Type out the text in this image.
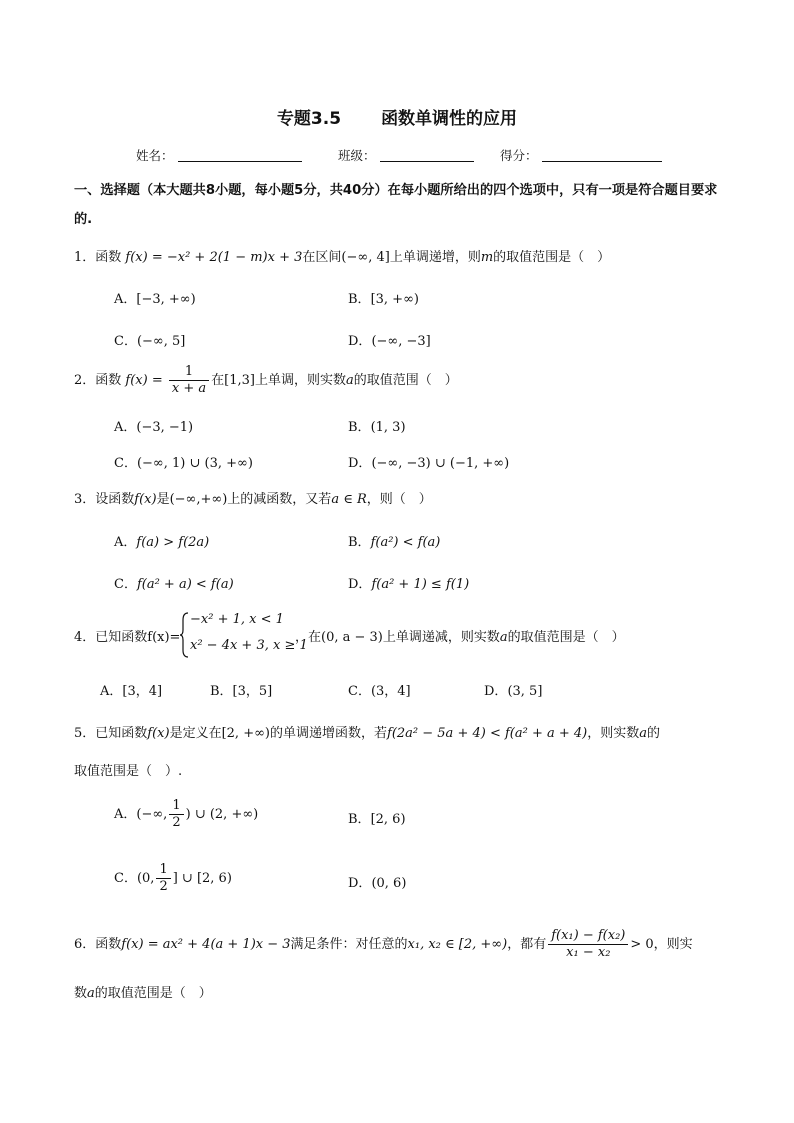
专题3.5 函数单调性的应用
姓名：	班级：	得分：
一、选择题（本大题共8小题，每小题5分，共40分）在每小题所给出的四个选项中，只有一项是符合题目要求的.
1．函数 f(x) = −x² + 2(1 − m)x + 3在区间(−∞, 4]上单调递增，则m的取值范围是（　）
A．[−3, +∞)	B．[3, +∞)
C．(−∞, 5]	D．(−∞, −3]
2．函数 $f(x) = \frac{1}{x + a}$ 在[1,3]上单调，则实数a的取值范围（　）
A．(−3, −1)	B．(1, 3)
C．(−∞, 1) ∪ (3, +∞)	D．(−∞, −3) ∪ (−1, +∞)
3．设函数f(x)是(−∞,+∞)上的减函数，又若a ∈ R，则（　）
A．f(a) > f(2a)	B．f(a²) < f(a)
C．f(a² + a) < f(a)	D．f(a² + 1) ≤ f(1)
4．已知函数f(x)=
−x² + 1, x < 1
x² − 4x + 3, x ≥ 1
，在(0, a − 3)上单调递减，则实数a的取值范围是（　）
A．[3，4]	B．[3，5]	C．(3，4]	D．(3, 5]
5．已知函数f(x)是定义在[2, +∞)的单调递增函数，若f(2a² − 5a + 4) < f(a² + a + 4)，则实数a的
取值范围是（　）.
A．(−∞, $\frac{1}{2}$ ) ∪ (2, +∞)	B．[2, 6)
C．(0, $\frac{1}{2}$ ] ∪ [2, 6)	D．(0, 6)
6．函数f(x) = ax² + 4(a + 1)x − 3满足条件：对任意的x₁, x₂ ∈ [2, +∞)，都有 $\frac{\text{f(x₁) − f(x₂)}}{\text{x₁ − x₂}} > 0$，则实
数a的取值范围是（　）
